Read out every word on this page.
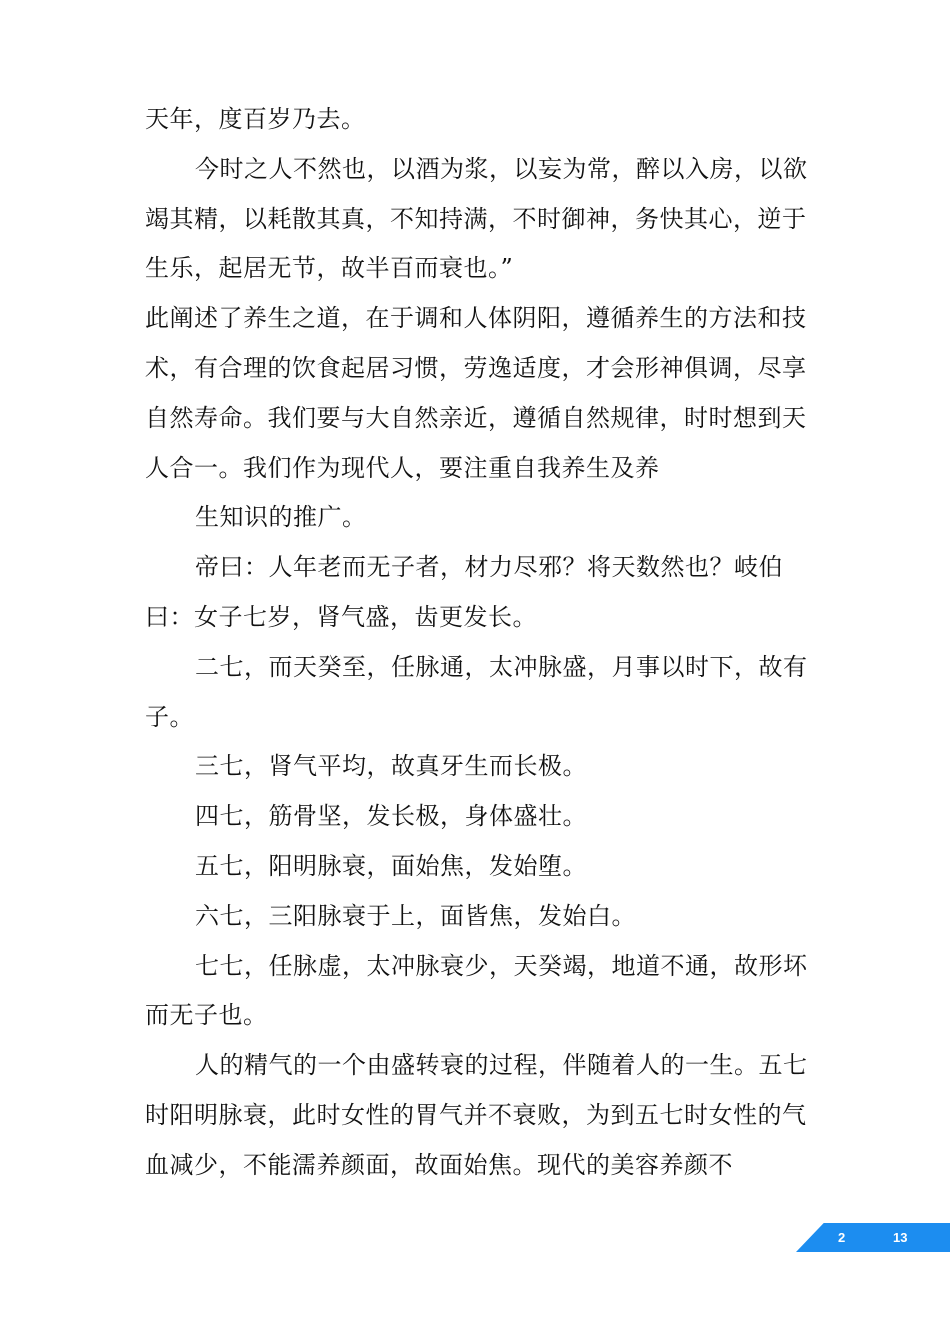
天年，度百岁乃去。

今时之人不然也，以酒为浆，以妄为常，醉以入房，以欲竭其精，以耗散其真，不知持满，不时御神，务快其心，逆于生乐，起居无节，故半百而衰也。”

此阐述了养生之道，在于调和人体阴阳，遵循养生的方法和技术，有合理的饮食起居习惯，劳逸适度，才会形神俱调，尽享自然寿命。我们要与大自然亲近，遵循自然规律，时时想到天人合一。我们作为现代人，要注重自我养生及养

生知识的推广。

帝曰：人年老而无子者，材力尽邪？将天数然也？岐伯曰：女子七岁，肾气盛，齿更发长。

二七，而天癸至，任脉通，太冲脉盛，月事以时下，故有子。

三七，肾气平均，故真牙生而长极。

四七，筋骨坚，发长极，身体盛壮。

五七，阳明脉衰，面始焦，发始堕。

六七，三阳脉衰于上，面皆焦，发始白。

七七，任脉虚，太冲脉衰少，天癸竭，地道不通，故形坏而无子也。

人的精气的一个由盛转衰的过程，伴随着人的一生。五七时阳明脉衰，此时女性的胃气并不衰败，为到五七时女性的气血减少，不能濡养颜面，故面始焦。现代的美容养颜不

2	13
